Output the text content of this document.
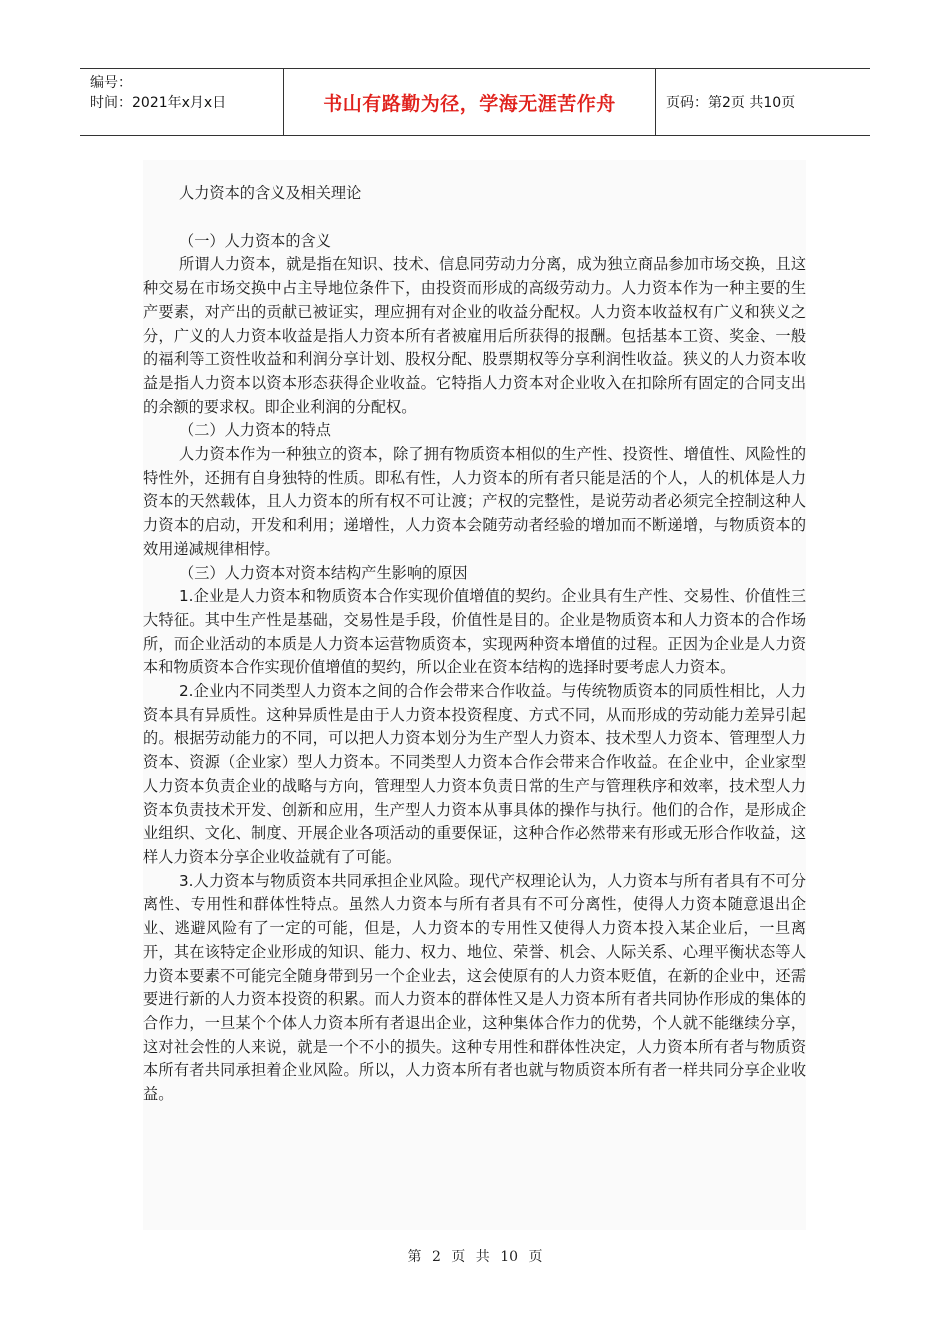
编号：
时间：2021年x月x日	书山有路勤为径，学海无涯苦作舟	页码：第2页 共10页

人力资本的含义及相关理论

（一）人力资本的含义

所谓人力资本，就是指在知识、技术、信息同劳动力分离，成为独立商品参加市场交换，且这种交易在市场交换中占主导地位条件下，由投资而形成的高级劳动力。人力资本作为一种主要的生产要素，对产出的贡献已被证实，理应拥有对企业的收益分配权。人力资本收益权有广义和狭义之分，广义的人力资本收益是指人力资本所有者被雇用后所获得的报酬。包括基本工资、奖金、一般的福利等工资性收益和利润分享计划、股权分配、股票期权等分享利润性收益。狭义的人力资本收益是指人力资本以资本形态获得企业收益。它特指人力资本对企业收入在扣除所有固定的合同支出的余额的要求权。即企业利润的分配权。

（二）人力资本的特点

人力资本作为一种独立的资本，除了拥有物质资本相似的生产性、投资性、增值性、风险性的特性外，还拥有自身独特的性质。即私有性，人力资本的所有者只能是活的个人，人的机体是人力资本的天然载体，且人力资本的所有权不可让渡；产权的完整性，是说劳动者必须完全控制这种人力资本的启动，开发和利用；递增性，人力资本会随劳动者经验的增加而不断递增，与物质资本的效用递减规律相悖。

（三）人力资本对资本结构产生影响的原因

1.企业是人力资本和物质资本合作实现价值增值的契约。企业具有生产性、交易性、价值性三大特征。其中生产性是基础，交易性是手段，价值性是目的。企业是物质资本和人力资本的合作场所，而企业活动的本质是人力资本运营物质资本，实现两种资本增值的过程。正因为企业是人力资本和物质资本合作实现价值增值的契约，所以企业在资本结构的选择时要考虑人力资本。

2.企业内不同类型人力资本之间的合作会带来合作收益。与传统物质资本的同质性相比，人力资本具有异质性。这种异质性是由于人力资本投资程度、方式不同，从而形成的劳动能力差异引起的。根据劳动能力的不同，可以把人力资本划分为生产型人力资本、技术型人力资本、管理型人力资本、资源（企业家）型人力资本。不同类型人力资本合作会带来合作收益。在企业中，企业家型人力资本负责企业的战略与方向，管理型人力资本负责日常的生产与管理秩序和效率，技术型人力资本负责技术开发、创新和应用，生产型人力资本从事具体的操作与执行。他们的合作，是形成企业组织、文化、制度、开展企业各项活动的重要保证，这种合作必然带来有形或无形合作收益，这样人力资本分享企业收益就有了可能。

3.人力资本与物质资本共同承担企业风险。现代产权理论认为，人力资本与所有者具有不可分离性、专用性和群体性特点。虽然人力资本与所有者具有不可分离性，使得人力资本随意退出企业、逃避风险有了一定的可能，但是，人力资本的专用性又使得人力资本投入某企业后，一旦离开，其在该特定企业形成的知识、能力、权力、地位、荣誉、机会、人际关系、心理平衡状态等人力资本要素不可能完全随身带到另一个企业去，这会使原有的人力资本贬值，在新的企业中，还需要进行新的人力资本投资的积累。而人力资本的群体性又是人力资本所有者共同协作形成的集体的合作力，一旦某个个体人力资本所有者退出企业，这种集体合作力的优势，个人就不能继续分享，这对社会性的人来说，就是一个不小的损失。这种专用性和群体性决定，人力资本所有者与物质资本所有者共同承担着企业风险。所以，人力资本所有者也就与物质资本所有者一样共同分享企业收益。

第 2 页 共 10 页
